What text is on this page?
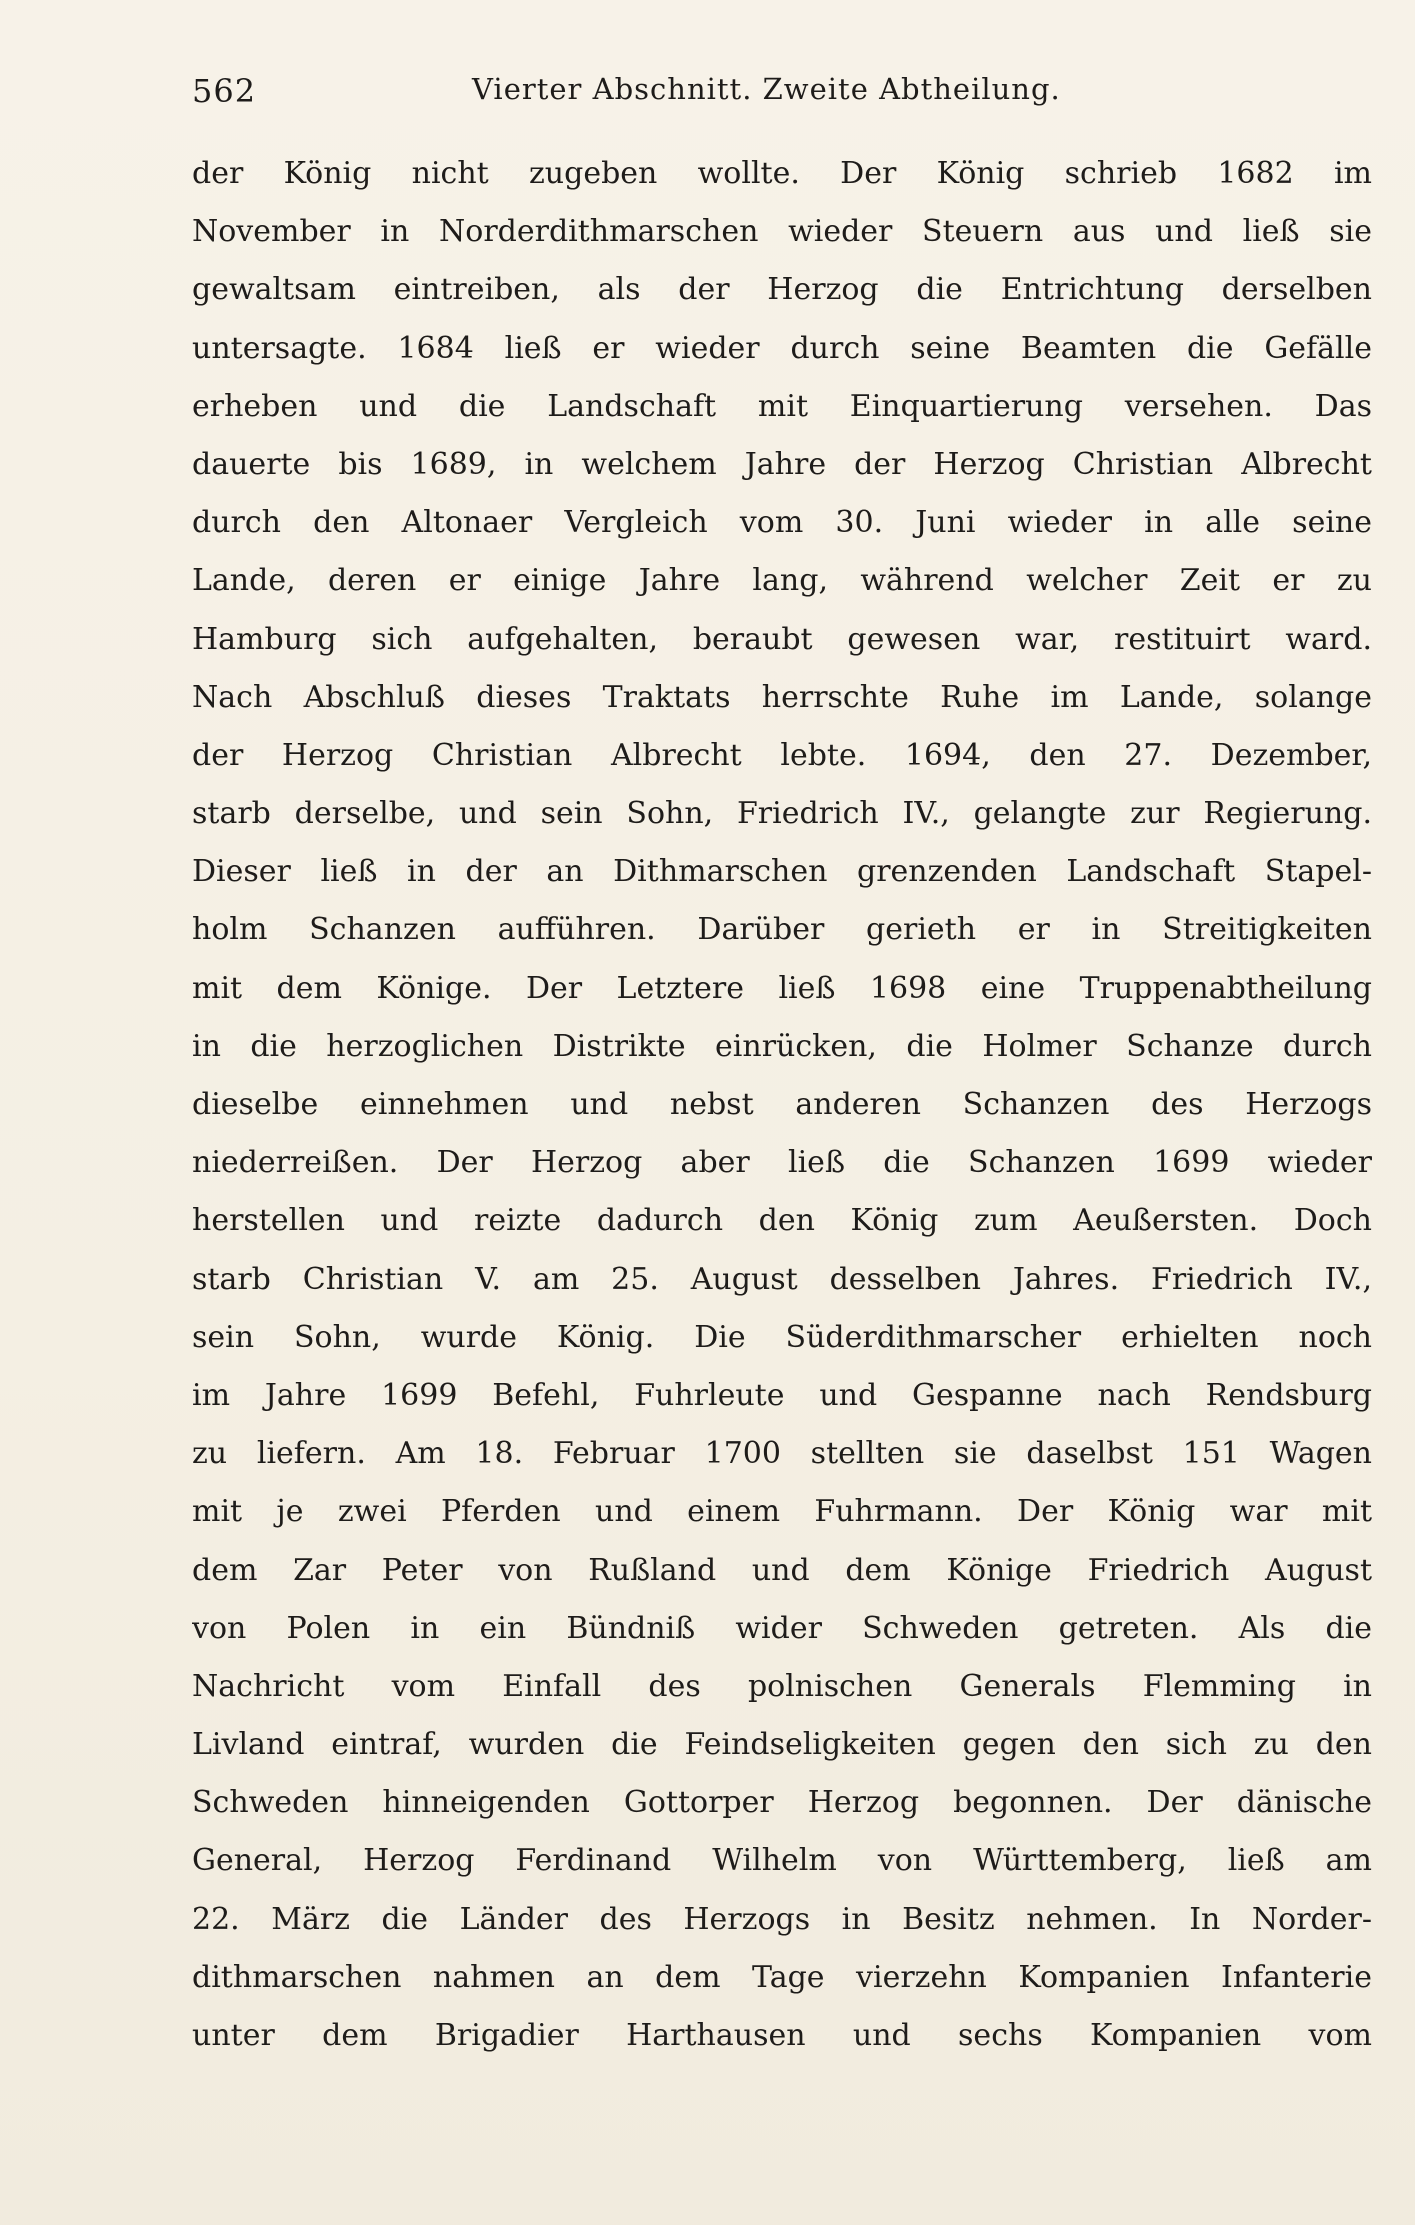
562	Vierter Abschnitt. Zweite Abtheilung.
der König nicht zugeben wollte. Der König schrieb 1682 im
November in Norderdithmarschen wieder Steuern aus und ließ sie
gewaltsam eintreiben, als der Herzog die Entrichtung derselben
untersagte. 1684 ließ er wieder durch seine Beamten die Gefälle
erheben und die Landschaft mit Einquartierung versehen. Das
dauerte bis 1689, in welchem Jahre der Herzog Christian Albrecht
durch den Altonaer Vergleich vom 30. Juni wieder in alle seine
Lande, deren er einige Jahre lang, während welcher Zeit er zu
Hamburg sich aufgehalten, beraubt gewesen war, restituirt ward.
Nach Abschluß dieses Traktats herrschte Ruhe im Lande, solange
der Herzog Christian Albrecht lebte. 1694, den 27. Dezember,
starb derselbe, und sein Sohn, Friedrich IV., gelangte zur Regierung.
Dieser ließ in der an Dithmarschen grenzenden Landschaft Stapel-
holm Schanzen aufführen. Darüber gerieth er in Streitigkeiten
mit dem Könige. Der Letztere ließ 1698 eine Truppenabtheilung
in die herzoglichen Distrikte einrücken, die Holmer Schanze durch
dieselbe einnehmen und nebst anderen Schanzen des Herzogs
niederreißen. Der Herzog aber ließ die Schanzen 1699 wieder
herstellen und reizte dadurch den König zum Aeußersten. Doch
starb Christian V. am 25. August desselben Jahres. Friedrich IV.,
sein Sohn, wurde König. Die Süderdithmarscher erhielten noch
im Jahre 1699 Befehl, Fuhrleute und Gespanne nach Rendsburg
zu liefern. Am 18. Februar 1700 stellten sie daselbst 151 Wagen
mit je zwei Pferden und einem Fuhrmann. Der König war mit
dem Zar Peter von Rußland und dem Könige Friedrich August
von Polen in ein Bündniß wider Schweden getreten. Als die
Nachricht vom Einfall des polnischen Generals Flemming in
Livland eintraf, wurden die Feindseligkeiten gegen den sich zu den
Schweden hinneigenden Gottorper Herzog begonnen. Der dänische
General, Herzog Ferdinand Wilhelm von Württemberg, ließ am
22. März die Länder des Herzogs in Besitz nehmen. In Norder-
dithmarschen nahmen an dem Tage vierzehn Kompanien Infanterie
unter dem Brigadier Harthausen und sechs Kompanien vom
